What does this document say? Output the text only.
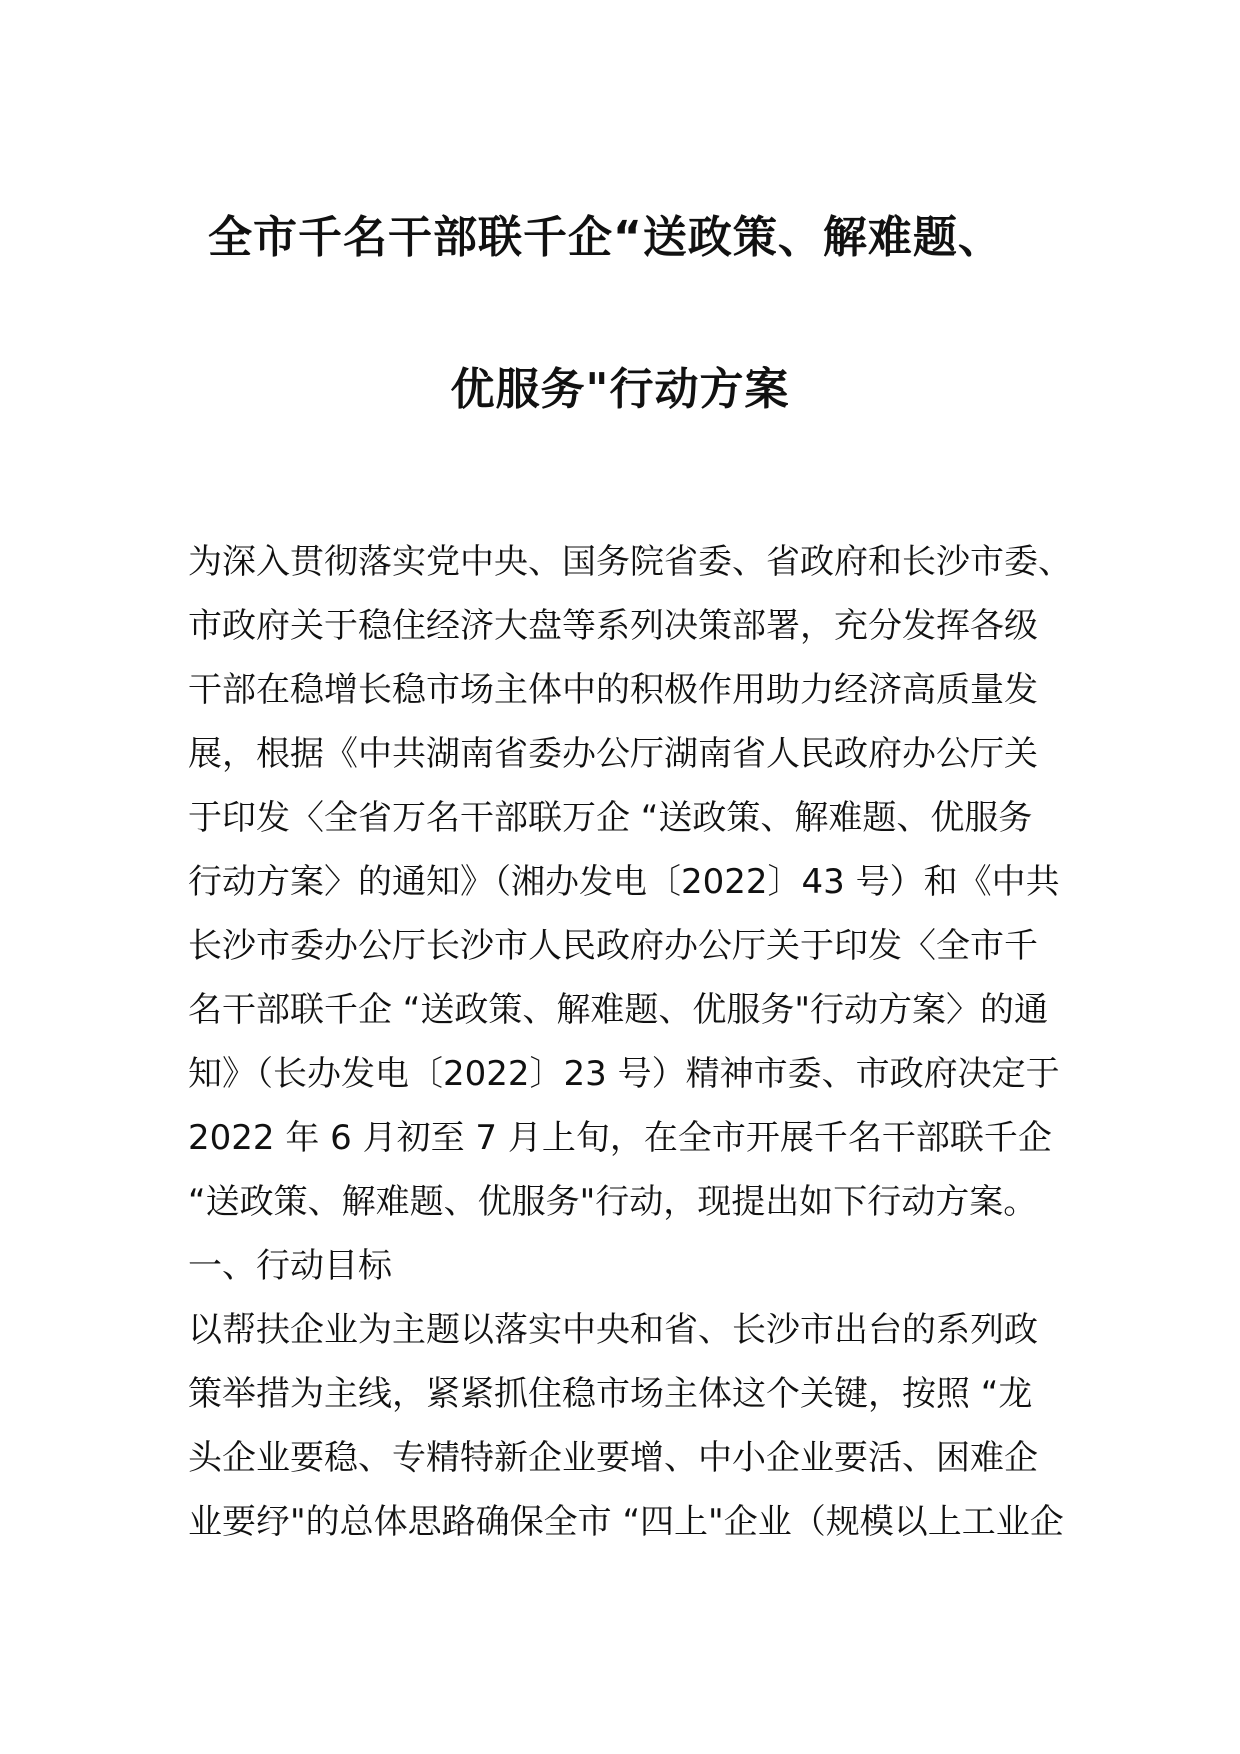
全市千名干部联千企“送政策、解难题、
优服务"行动方案
为深入贯彻落实党中央、国务院省委、省政府和长沙市委、
市政府关于稳住经济大盘等系列决策部署，充分发挥各级
干部在稳增长稳市场主体中的积极作用助力经济高质量发
展，根据《中共湖南省委办公厅湖南省人民政府办公厅关
于印发〈全省万名干部联万企 “送政策、解难题、优服务
行动方案〉的通知》（湘办发电〔2022〕43 号）和《中共
长沙市委办公厅长沙市人民政府办公厅关于印发〈全市千
名干部联千企 “送政策、解难题、优服务"行动方案〉的通
知》（长办发电〔2022〕23 号）精神市委、市政府决定于
2022 年 6 月初至 7 月上旬，在全市开展千名干部联千企
“送政策、解难题、优服务"行动，现提出如下行动方案。
一、行动目标
以帮扶企业为主题以落实中央和省、长沙市出台的系列政
策举措为主线，紧紧抓住稳市场主体这个关键，按照 “龙
头企业要稳、专精特新企业要增、中小企业要活、困难企
业要纾"的总体思路确保全市 “四上"企业（规模以上工业企
